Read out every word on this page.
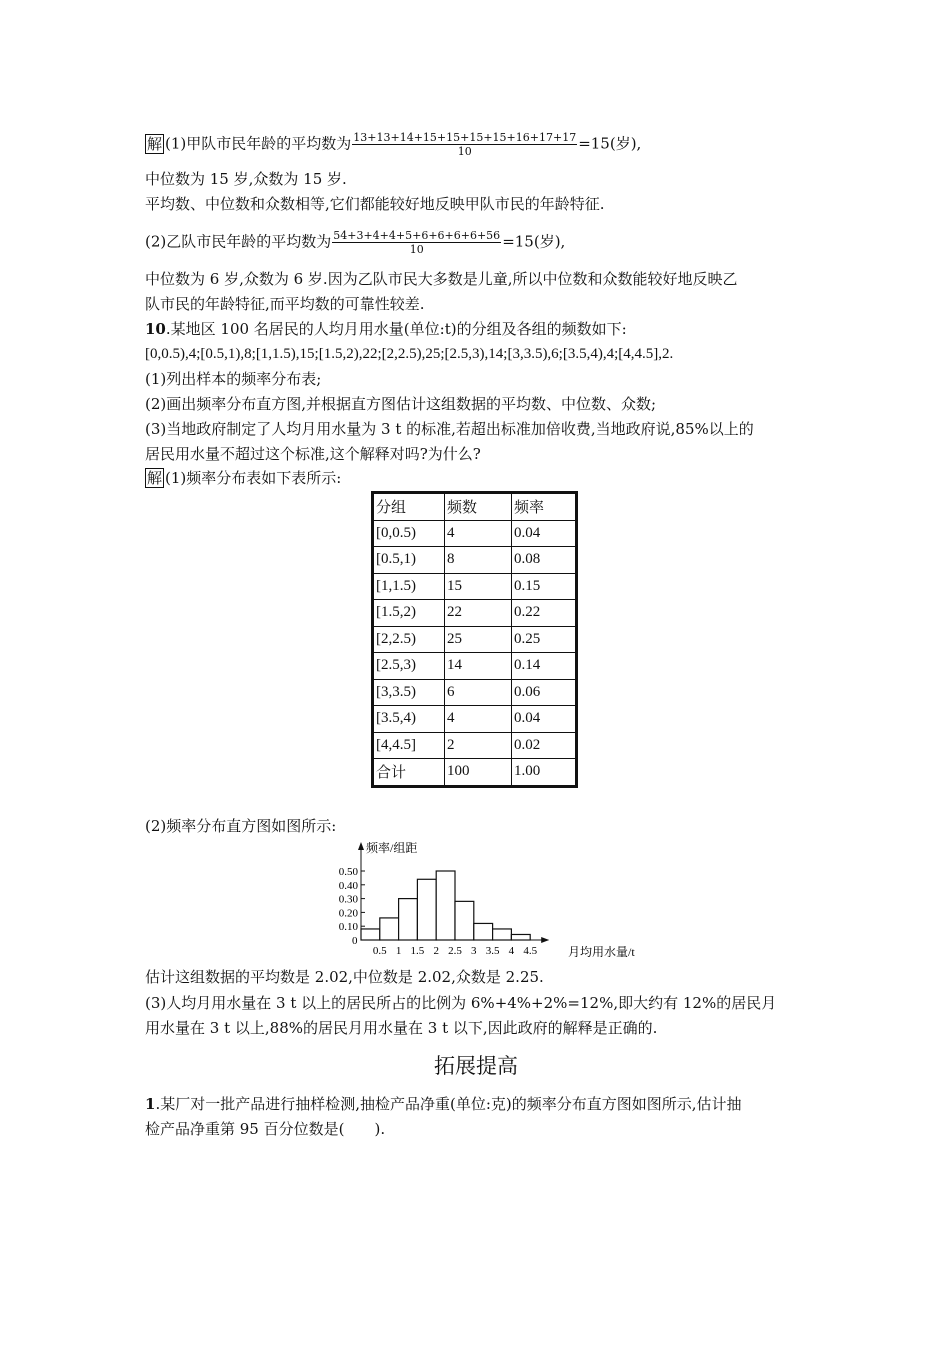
解 (1)甲队市民年龄的平均数为 $\frac{13+13+14+15+15+15+15+16+17+17}{10} =15$(岁),
中位数为 15 岁,众数为 15 岁.
平均数、中位数和众数相等,它们都能较好地反映甲队市民的年龄特征.
(2)乙队市民年龄的平均数为 $\frac{54+3+4+4+5+6+6+6+6+56}{10} =15$(岁),
中位数为 6 岁,众数为 6 岁.因为乙队市民大多数是儿童,所以中位数和众数能较好地反映乙
队市民的年龄特征,而平均数的可靠性较差.
10.某地区 100 名居民的人均月用水量(单位:t)的分组及各组的频数如下:
[0,0.5),4;[0.5,1),8;[1,1.5),15;[1.5,2),22;[2,2.5),25;[2.5,3),14;[3,3.5),6;[3.5,4),4;[4,4.5],2.
(1)列出样本的频率分布表;
(2)画出频率分布直方图,并根据直方图估计这组数据的平均数、中位数、众数;
(3)当地政府制定了人均月用水量为 3 t 的标准,若超出标准加倍收费,当地政府说,85%以上的
居民用水量不超过这个标准,这个解释对吗?为什么?
解 (1)频率分布表如下表所示:
分组	频数	频率
[0,0.5)	4	0.04
[0.5,1)	8	0.08
[1,1.5)	15	0.15
[1.5,2)	22	0.22
[2,2.5)	25	0.25
[2.5,3)	14	0.14
[3,3.5)	6	0.06
[3.5,4)	4	0.04
[4,4.5]	2	0.02
合计	100	1.00
(2)频率分布直方图如图所示:
0.50
0.40
0.30
0.20
0.10
0.5 1 1.5 2 2.5 3 3.5 4 4.5
频率/组距
月均用水量/t
0
估计这组数据的平均数是 2.02,中位数是 2.02,众数是 2.25.
(3)人均月用水量在 3 t 以上的居民所占的比例为 6%+4%+2%=12%,即大约有 12%的居民月
用水量在 3 t 以上,88%的居民月用水量在 3 t 以下,因此政府的解释是正确的.
拓展提高
1.某厂对一批产品进行抽样检测,抽检产品净重(单位:克)的频率分布直方图如图所示,估计抽
检产品净重第 95 百分位数是(　　).
